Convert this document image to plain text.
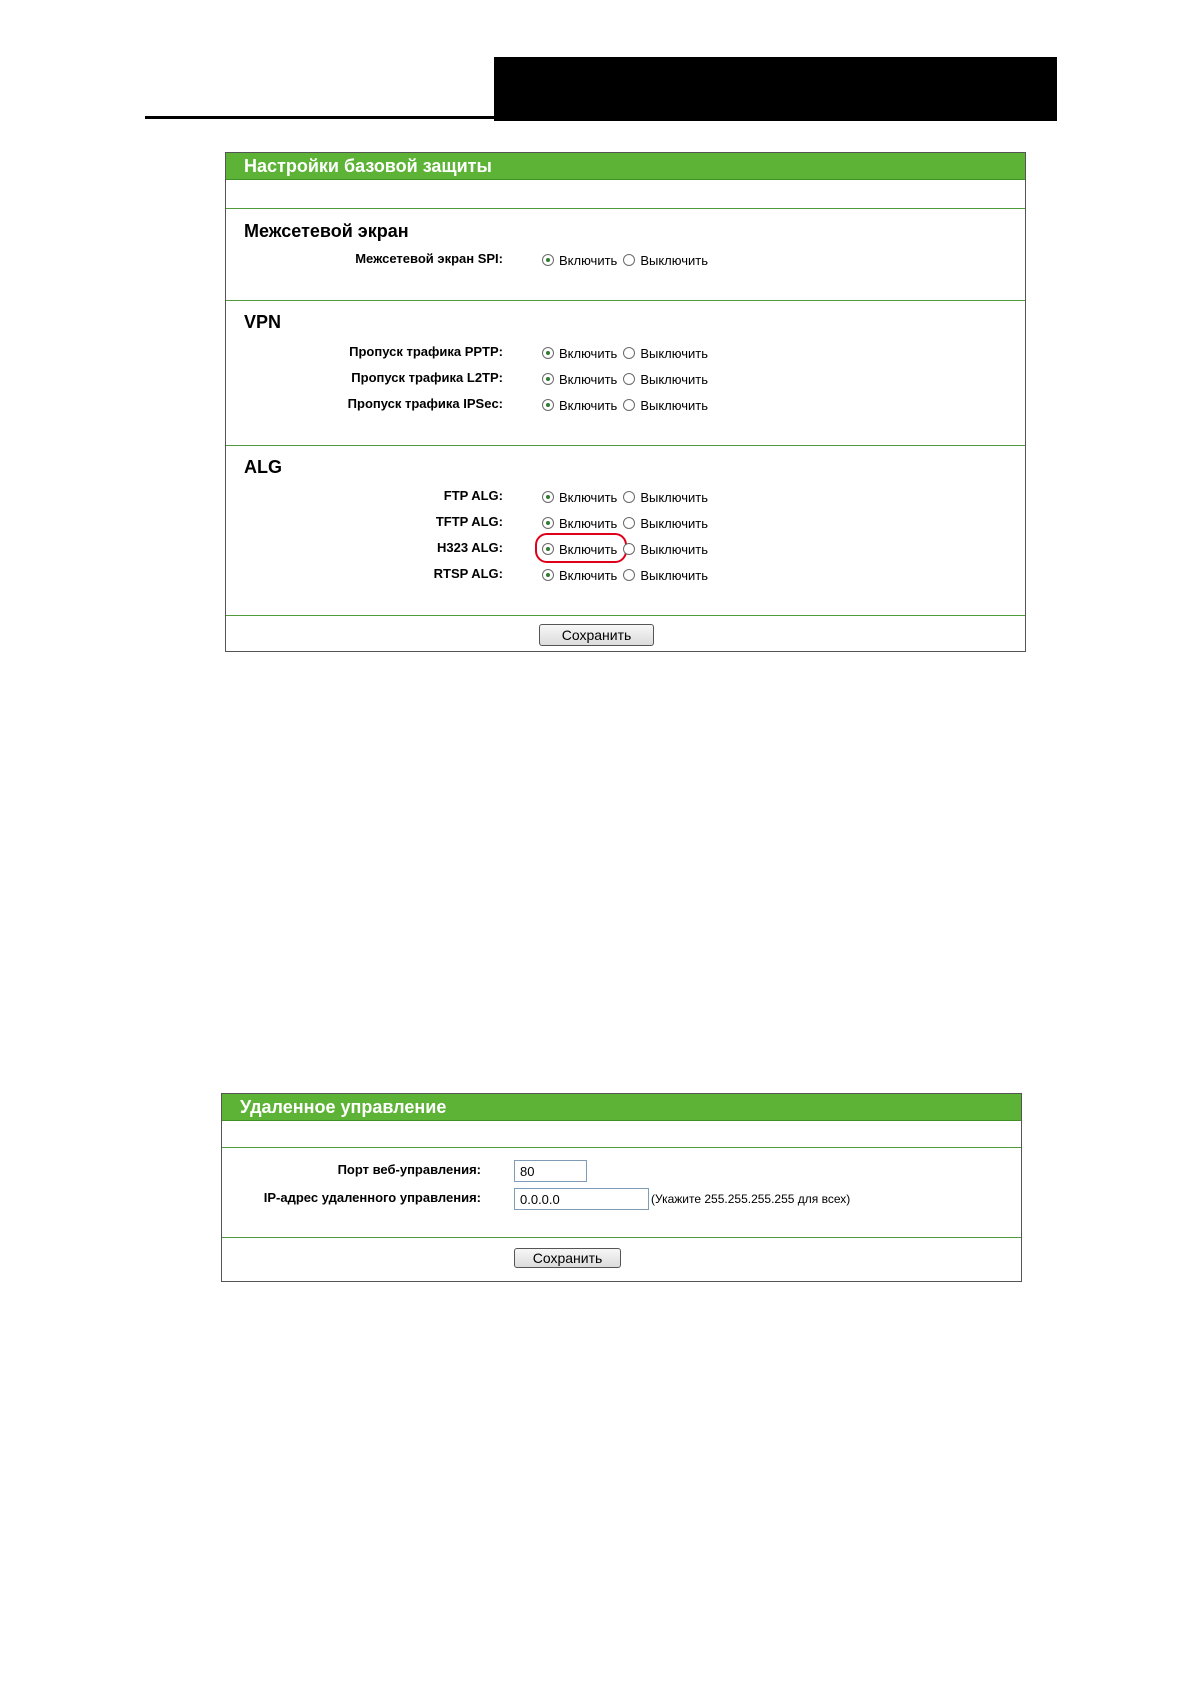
Настройки базовой защиты
Межсетевой экран
Межсетевой экран SPI:	Включить Выключить
VPN
Пропуск трафика PPTP:	Включить Выключить
Пропуск трафика L2TP:	Включить Выключить
Пропуск трафика IPSec:	Включить Выключить
ALG
FTP ALG:	Включить Выключить
TFTP ALG:	Включить Выключить
H323 ALG:	Включить Выключить
RTSP ALG:	Включить Выключить
Сохранить
Удаленное управление
Порт веб-управления:
80
IP-адрес удаленного управления:
0.0.0.0	(Укажите 255.255.255.255 для всех)
Сохранить
